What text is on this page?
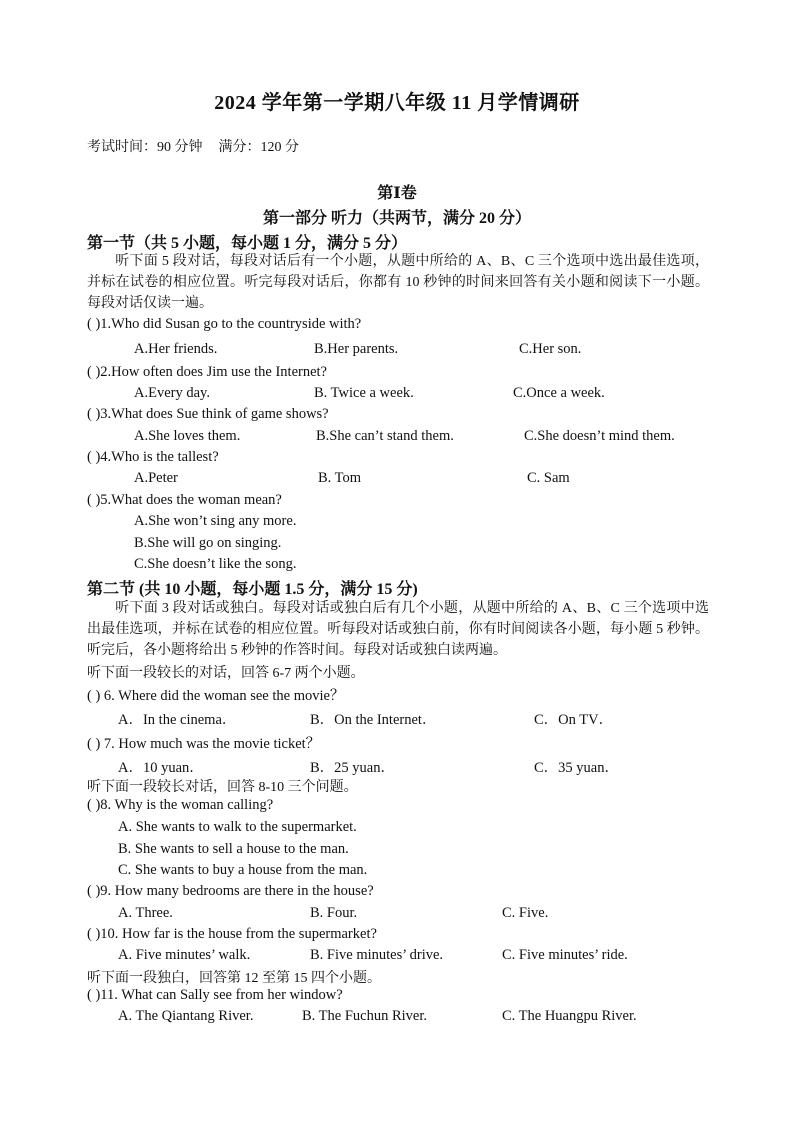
2024 学年第一学期八年级 11 月学情调研
考试时间：90 分钟 满分：120 分
第Ⅰ卷
第一部分 听力（共两节，满分 20 分）
第一节（共 5 小题，每小题 1 分，满分 5 分）
听下面 5 段对话，每段对话后有一个小题，从题中所给的 A、B、C 三个选项中选出最佳选项，并标在试卷的相应位置。听完每段对话后，你都有 10 秒钟的时间来回答有关小题和阅读下一小题。每段对话仅读一遍。
( )1.Who did Susan go to the countryside with?
A.Her friends.	B.Her parents.	C.Her son.
( )2.How often does Jim use the Internet?
A.Every day.	B. Twice a week.	C.Once a week.
( )3.What does Sue think of game shows?
A.She loves them.	B.She can’t stand them.	C.She doesn’t mind them.
( )4.Who is the tallest?
A.Peter	B. Tom	C. Sam
( )5.What does the woman mean?
A.She won’t sing any more.
B.She will go on singing.
C.She doesn’t like the song.
第二节 (共 10 小题，每小题 1.5 分，满分 15 分)
听下面 3 段对话或独白。每段对话或独白后有几个小题，从题中所给的 A、B、C 三个选项中选出最佳选项，并标在试卷的相应位置。听每段对话或独白前，你有时间阅读各小题，每小题 5 秒钟。听完后，各小题将给出 5 秒钟的作答时间。每段对话或独白读两遍。
听下面一段较长的对话，回答 6-7 两个小题。
( ) 6. Where did the woman see the movie？
A．In the cinema．	B．On the Internet．	C．On TV．
( ) 7. How much was the movie ticket？
A．10 yuan．	B．25 yuan．	C．35 yuan．
听下面一段较长对话，回答 8-10 三个问题。
( )8. Why is the woman calling?
A. She wants to walk to the supermarket.
B. She wants to sell a house to the man.
C. She wants to buy a house from the man.
( )9. How many bedrooms are there in the house?
A. Three.	B. Four.	C. Five.
( )10. How far is the house from the supermarket?
A. Five minutes’ walk.	B. Five minutes’ drive.	C. Five minutes’ ride.
听下面一段独白，回答第 12 至第 15 四个小题。
( )11. What can Sally see from her window?
A. The Qiantang River.	B. The Fuchun River.	C. The Huangpu River.
